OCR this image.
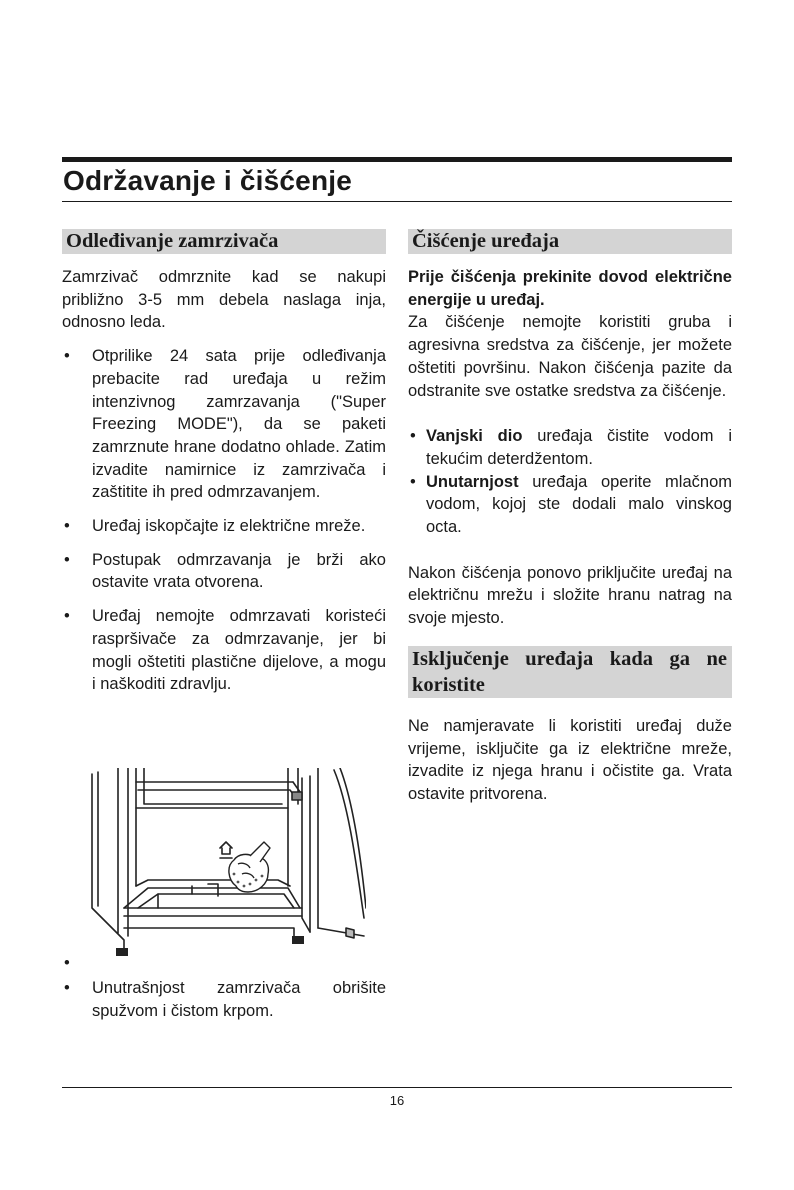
Održavanje i čišćenje
Odleđivanje zamrzivača

Zamrzivač odmrznite kad se nakupi približno 3-5 mm debela naslaga inja, odnosno leda.

• Otprilike 24 sata prije odleđivanja prebacite rad uređaja u režim intenzivnog zamrzavanja ("Super Freezing MODE"), da se paketi zamrznute hrane dodatno ohlade. Zatim izvadite namirnice iz zamrzivača i zaštitite ih pred odmrzavanjem.
• Uređaj iskopčajte iz električne mreže.
• Postupak odmrzavanja je brži ako ostavite vrata otvorena.
• Uređaj nemojte odmrzavati koristeći raspršivače za odmrzavanje, jer bi mogli oštetiti plastične dijelove, a mogu i naškoditi zdravlju.
•
• Unutrašnjost zamrzivača obrišite spužvom i čistom krpom.
Čišćenje uređaja

Prije čišćenja prekinite dovod električne energije u uređaj.

Za čišćenje nemojte koristiti gruba i agresivna sredstva za čišćenje, jer možete oštetiti površinu. Nakon čišćenja pazite da odstranite sve ostatke sredstva za čišćenje.

• Vanjski dio uređaja čistite vodom i tekućim deterdžentom.
• Unutarnjost uređaja operite mlačnom vodom, kojoj ste dodali malo vinskog octa.

Nakon čišćenja ponovo priključite uređaj na električnu mrežu i složite hranu natrag na svoje mjesto.

Isključenje uređaja kada ga ne koristite

Ne namjeravate li koristiti uređaj duže vrijeme, isključite ga iz električne mreže, izvadite iz njega hranu i očistite ga. Vrata ostavite pritvorena.

16
